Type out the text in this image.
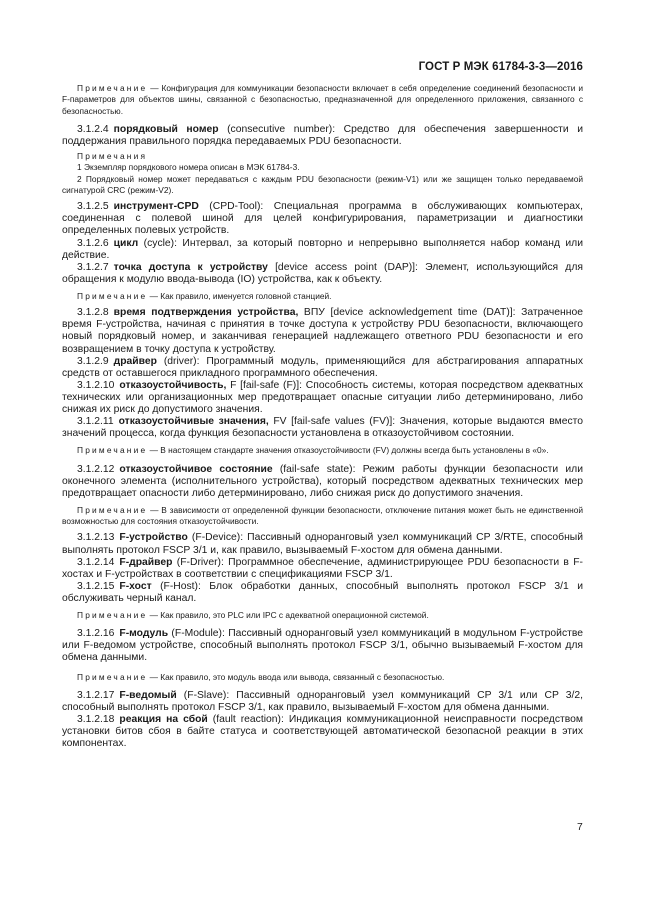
ГОСТ Р МЭК 61784-3-3—2016

Примечание — Конфигурация для коммуникации безопасности включает в себя определение соединений безопасности и F-параметров для объектов шины, связанной с безопасностью, предназначенной для определенного приложения, связанного с безопасностью.

3.1.2.4 порядковый номер (consecutive number): Средство для обеспечения завершенности и поддержания правильного порядка передаваемых PDU безопасности.

Примечания

1 Экземпляр порядкового номера описан в МЭК 61784-3.

2 Порядковый номер может передаваться с каждым PDU безопасности (режим-V1) или же защищен только передаваемой сигнатурой CRC (режим-V2).

3.1.2.5 инструмент-CPD (CPD-Tool): Специальная программа в обслуживающих компьютерах, соединенная с полевой шиной для целей конфигурирования, параметризации и диагностики определенных полевых устройств.

3.1.2.6 цикл (cycle): Интервал, за который повторно и непрерывно выполняется набор команд или действие.

3.1.2.7 точка доступа к устройству [device access point (DAP)]: Элемент, использующийся для обращения к модулю ввода-вывода (IO) устройства, как к объекту.

Примечание — Как правило, именуется головной станцией.

3.1.2.8 время подтверждения устройства, ВПУ [device acknowledgement time (DAT)]: Затраченное время F-устройства, начиная с принятия в точке доступа к устройству PDU безопасности, включающего новый порядковый номер, и заканчивая генерацией надлежащего ответного PDU безопасности и его возвращением в точку доступа к устройству.

3.1.2.9 драйвер (driver): Программный модуль, применяющийся для абстрагирования аппаратных средств от оставшегося прикладного программного обеспечения.

3.1.2.10 отказоустойчивость, F [fail-safe (F)]: Способность системы, которая посредством адекватных технических или организационных мер предотвращает опасные ситуации либо детерминировано, либо снижая их риск до допустимого значения.

3.1.2.11 отказоустойчивые значения, FV [fail-safe values (FV)]: Значения, которые выдаются вместо значений процесса, когда функция безопасности установлена в отказоустойчивом состоянии.

Примечание — В настоящем стандарте значения отказоустойчивости (FV) должны всегда быть установлены в «0».

3.1.2.12 отказоустойчивое состояние (fail-safe state): Режим работы функции безопасности или оконечного элемента (исполнительного устройства), который посредством адекватных технических мер предотвращает опасности либо детерминировано, либо снижая риск до допустимого значения.

Примечание — В зависимости от определенной функции безопасности, отключение питания может быть не единственной возможностью для состояния отказоустойчивости.

3.1.2.13 F-устройство (F-Device): Пассивный одноранговый узел коммуникаций CP 3/RTE, способный выполнять протокол FSCP 3/1 и, как правило, вызываемый F-хостом для обмена данными.

3.1.2.14 F-драйвер (F-Driver): Программное обеспечение, администрирующее PDU безопасности в F-хостах и F-устройствах в соответствии с спецификациями FSCP 3/1.

3.1.2.15 F-хост (F-Host): Блок обработки данных, способный выполнять протокол FSCP 3/1 и обслуживать черный канал.

Примечание — Как правило, это PLC или IPC с адекватной операционной системой.

3.1.2.16 F-модуль (F-Module): Пассивный одноранговый узел коммуникаций в модульном F-устройстве или F-ведомом устройстве, способный выполнять протокол FSCP 3/1, обычно вызываемый F-хостом для обмена данными.

Примечание — Как правило, это модуль ввода или вывода, связанный с безопасностью.

3.1.2.17 F-ведомый (F-Slave): Пассивный одноранговый узел коммуникаций CP 3/1 или CP 3/2, способный выполнять протокол FSCP 3/1, как правило, вызываемый F-хостом для обмена данными.

3.1.2.18 реакция на сбой (fault reaction): Индикация коммуникационной неисправности посредством установки битов сбоя в байте статуса и соответствующей автоматической безопасной реакции в этих компонентах.

7
